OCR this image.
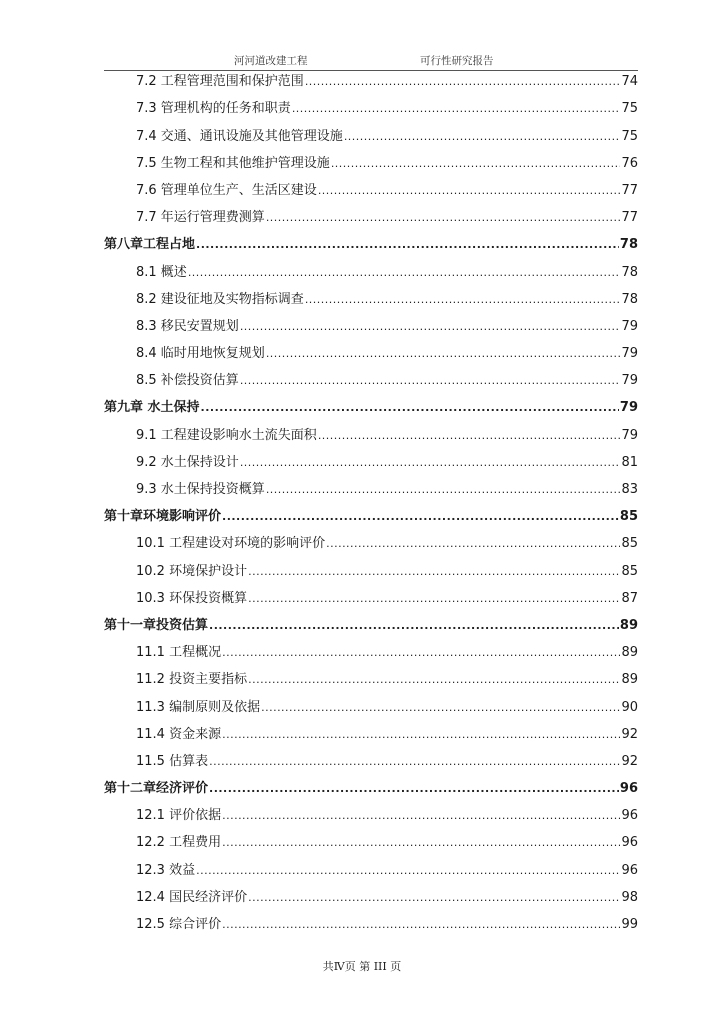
河河道改建工程	可行性研究报告
7.2 工程管理范围和保护范围 .....	74
7.3 管理机构的任务和职责 .....	75
7.4 交通、通讯设施及其他管理设施 .....	75
7.5 生物工程和其他维护管理设施 .....	76
7.6 管理单位生产、生活区建设 .....	77
7.7 年运行管理费测算 .....	77
第八章工程占地 .....	78
8.1 概述 .....	78
8.2 建设征地及实物指标调查 .....	78
8.3 移民安置规划 .....	79
8.4 临时用地恢复规划 .....	79
8.5 补偿投资估算 .....	79
第九章 水土保持 .....	79
9.1 工程建设影响水土流失面积 .....	79
9.2 水土保持设计 .....	81
9.3 水土保持投资概算 .....	83
第十章环境影响评价 .....	85
10.1 工程建设对环境的影响评价 .....	85
10.2 环境保护设计 .....	85
10.3 环保投资概算 .....	87
第十一章投资估算 .....	89
11.1 工程概况 .....	89
11.2 投资主要指标 .....	89
11.3 编制原则及依据 .....	90
11.4 资金来源 .....	92
11.5 估算表 .....	92
第十二章经济评价 .....	96
12.1 评价依据 .....	96
12.2 工程费用 .....	96
12.3 效益 .....	96
12.4 国民经济评价 .....	98
12.5 综合评价 .....	99
共Ⅳ页 第 III 页
